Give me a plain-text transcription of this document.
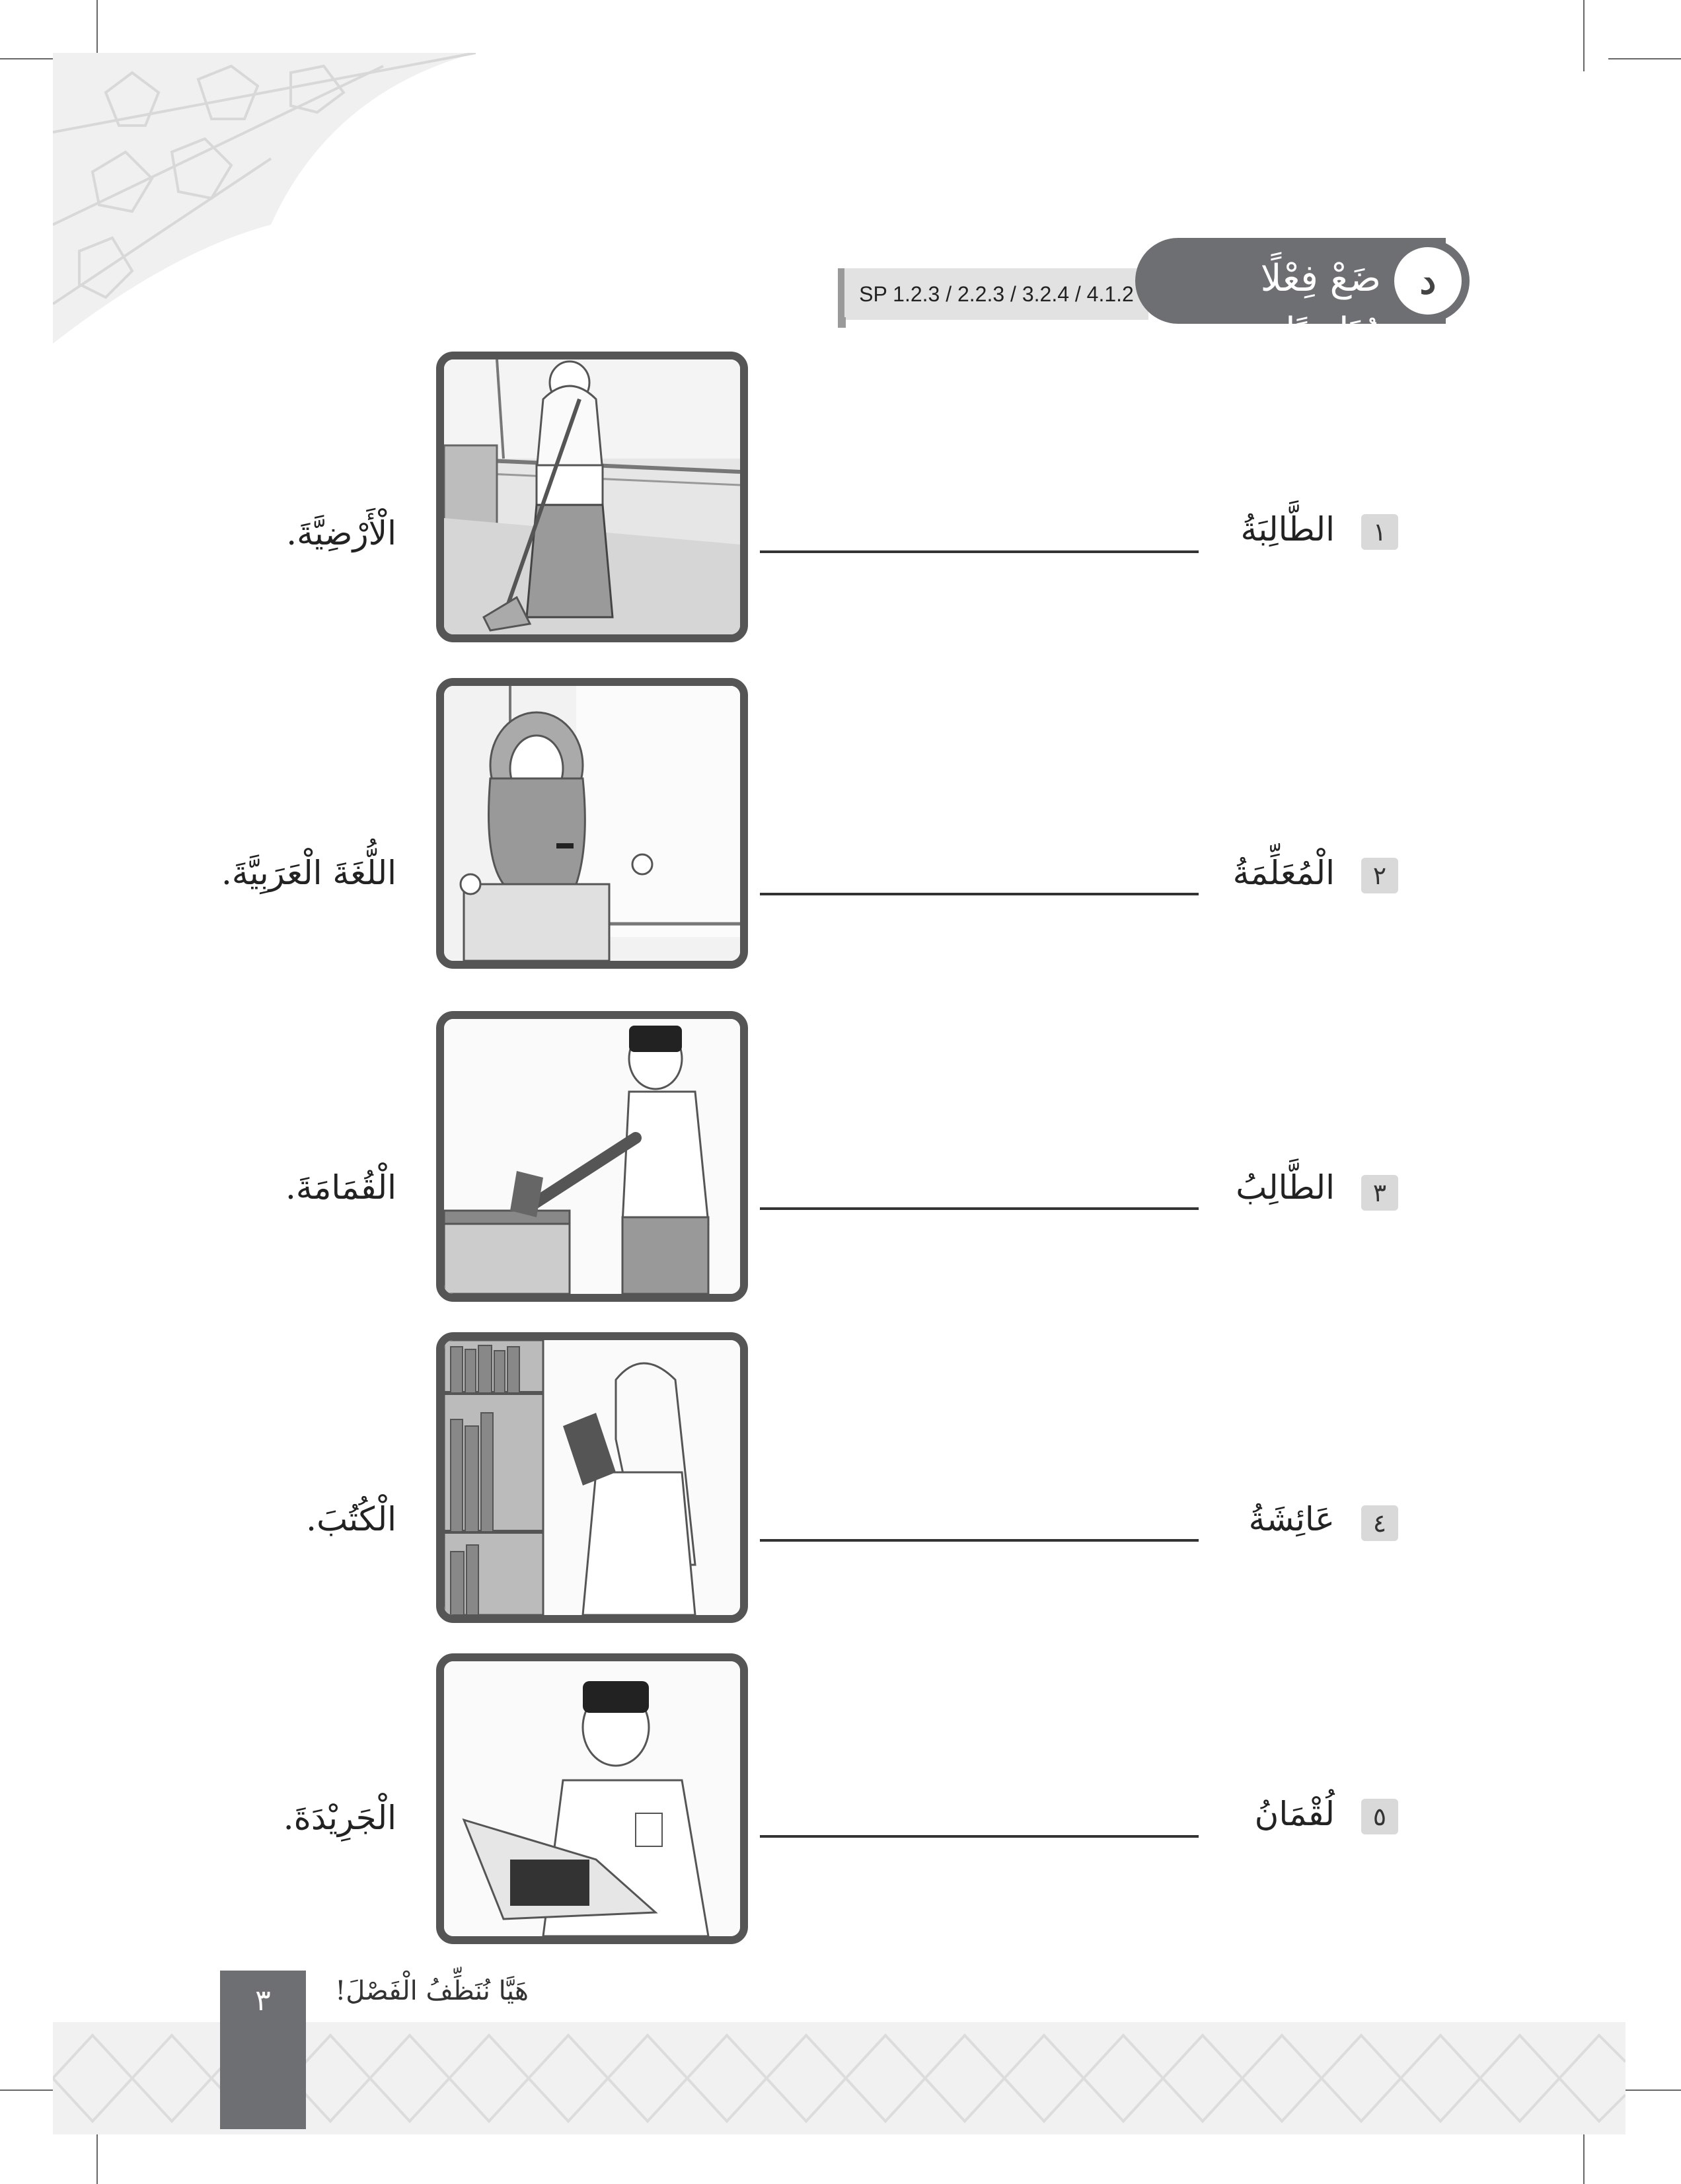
SP 1.2.3 / 2.2.3 / 3.2.4 / 4.1.2	ضَعْ فِعْلًا مُنَاسِبًا.
د
الطَّالِبَةُ	١
الْأَرْضِيَّةَ.
الْمُعَلِّمَةُ	٢
اللُّغَةَ الْعَرَبِيَّةَ.
الطَّالِبُ	٣
الْقُمَامَةَ.
عَائِشَةُ	٤
الْكُتُبَ.
لُقْمَانُ	٥
الْجَرِيْدَةَ.
٣	هَيَّا نُنَظِّفُ الْفَصْلَ!
